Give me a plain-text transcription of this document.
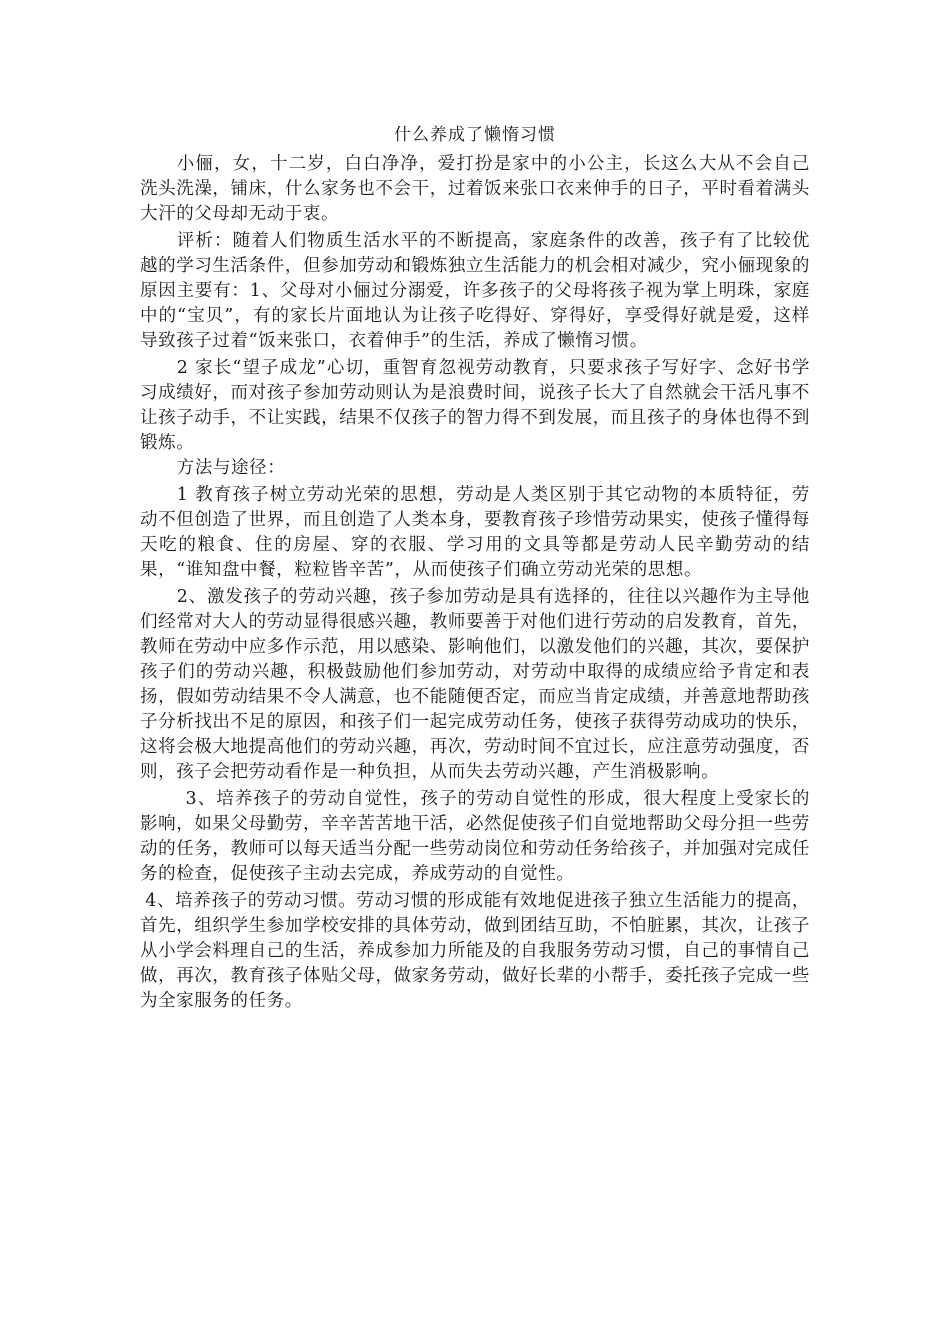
什么养成了懒惰习惯

小俪，女，十二岁，白白净净，爱打扮是家中的小公主，长这么大从不会自己洗头洗澡，铺床，什么家务也不会干，过着饭来张口衣来伸手的日子，平时看着满头大汗的父母却无动于衷。

评析：随着人们物质生活水平的不断提高，家庭条件的改善，孩子有了比较优越的学习生活条件，但参加劳动和锻炼独立生活能力的机会相对减少，究小俪现象的原因主要有：1、父母对小俪过分溺爱，许多孩子的父母将孩子视为掌上明珠，家庭中的“宝贝”，有的家长片面地认为让孩子吃得好、穿得好，享受得好就是爱，这样导致孩子过着“饭来张口，衣着伸手”的生活，养成了懒惰习惯。

2 家长“望子成龙”心切，重智育忽视劳动教育，只要求孩子写好字、念好书学习成绩好，而对孩子参加劳动则认为是浪费时间，说孩子长大了自然就会干活凡事不让孩子动手，不让实践，结果不仅孩子的智力得不到发展，而且孩子的身体也得不到锻炼。

方法与途径：

1 教育孩子树立劳动光荣的思想，劳动是人类区别于其它动物的本质特征，劳动不但创造了世界，而且创造了人类本身，要教育孩子珍惜劳动果实，使孩子懂得每天吃的粮食、住的房屋、穿的衣服、学习用的文具等都是劳动人民辛勤劳动的结果，“谁知盘中餐，粒粒皆辛苦”，从而使孩子们确立劳动光荣的思想。

2、激发孩子的劳动兴趣，孩子参加劳动是具有选择的，往往以兴趣作为主导他们经常对大人的劳动显得很感兴趣，教师要善于对他们进行劳动的启发教育，首先，教师在劳动中应多作示范，用以感染、影响他们，以激发他们的兴趣，其次，要保护孩子们的劳动兴趣，积极鼓励他们参加劳动，对劳动中取得的成绩应给予肯定和表扬，假如劳动结果不令人满意，也不能随便否定，而应当肯定成绩，并善意地帮助孩子分析找出不足的原因，和孩子们一起完成劳动任务，使孩子获得劳动成功的快乐，这将会极大地提高他们的劳动兴趣，再次，劳动时间不宜过长，应注意劳动强度，否则，孩子会把劳动看作是一种负担，从而失去劳动兴趣，产生消极影响。

3、培养孩子的劳动自觉性，孩子的劳动自觉性的形成，很大程度上受家长的影响，如果父母勤劳，辛辛苦苦地干活，必然促使孩子们自觉地帮助父母分担一些劳动的任务，教师可以每天适当分配一些劳动岗位和劳动任务给孩子，并加强对完成任务的检查，促使孩子主动去完成，养成劳动的自觉性。

4、培养孩子的劳动习惯。劳动习惯的形成能有效地促进孩子独立生活能力的提高，首先，组织学生参加学校安排的具体劳动，做到团结互助，不怕脏累，其次，让孩子从小学会料理自己的生活，养成参加力所能及的自我服务劳动习惯，自己的事情自己做，再次，教育孩子体贴父母，做家务劳动，做好长辈的小帮手，委托孩子完成一些为全家服务的任务。
